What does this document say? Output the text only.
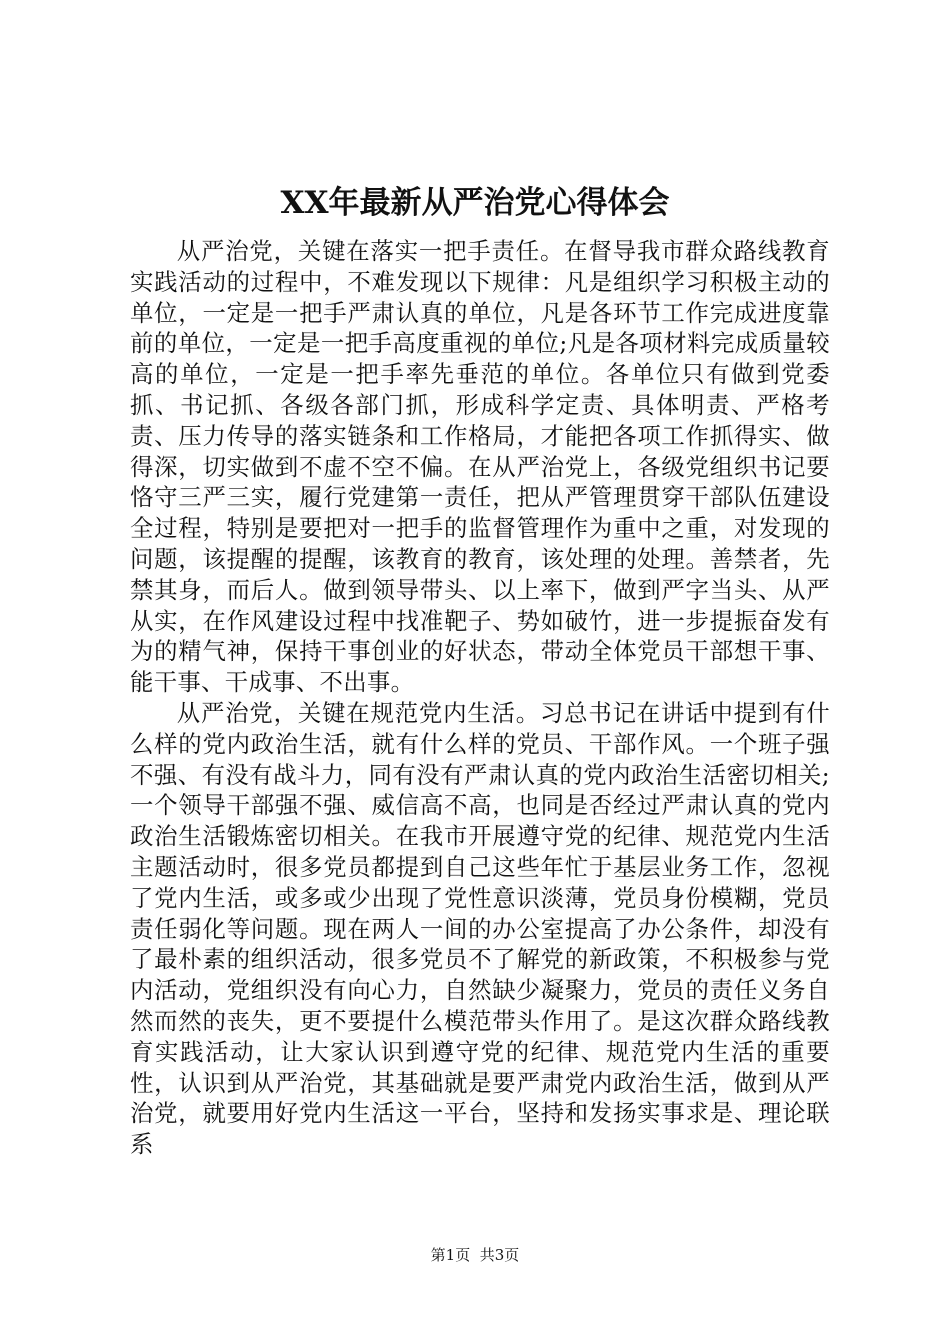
XX年最新从严治党心得体会

从严治党，关键在落实一把手责任。在督导我市群众路线教育实践活动的过程中，不难发现以下规律：凡是组织学习积极主动的单位，一定是一把手严肃认真的单位，凡是各环节工作完成进度靠前的单位，一定是一把手高度重视的单位;凡是各项材料完成质量较高的单位，一定是一把手率先垂范的单位。各单位只有做到党委抓、书记抓、各级各部门抓，形成科学定责、具体明责、严格考责、压力传导的落实链条和工作格局，才能把各项工作抓得实、做得深，切实做到不虚不空不偏。在从严治党上，各级党组织书记要恪守三严三实，履行党建第一责任，把从严管理贯穿干部队伍建设全过程，特别是要把对一把手的监督管理作为重中之重，对发现的问题，该提醒的提醒，该教育的教育，该处理的处理。善禁者，先禁其身，而后人。做到领导带头、以上率下，做到严字当头、从严从实，在作风建设过程中找准靶子、势如破竹，进一步提振奋发有为的精气神，保持干事创业的好状态，带动全体党员干部想干事、能干事、干成事、不出事。

从严治党，关键在规范党内生活。习总书记在讲话中提到有什么样的党内政治生活，就有什么样的党员、干部作风。一个班子强不强、有没有战斗力，同有没有严肃认真的党内政治生活密切相关;一个领导干部强不强、威信高不高，也同是否经过严肃认真的党内政治生活锻炼密切相关。在我市开展遵守党的纪律、规范党内生活主题活动时，很多党员都提到自己这些年忙于基层业务工作，忽视了党内生活，或多或少出现了党性意识淡薄，党员身份模糊，党员责任弱化等问题。现在两人一间的办公室提高了办公条件，却没有了最朴素的组织活动，很多党员不了解党的新政策，不积极参与党内活动，党组织没有向心力，自然缺少凝聚力，党员的责任义务自然而然的丧失，更不要提什么模范带头作用了。是这次群众路线教育实践活动，让大家认识到遵守党的纪律、规范党内生活的重要性，认识到从严治党，其基础就是要严肃党内政治生活，做到从严治党，就要用好党内生活这一平台，坚持和发扬实事求是、理论联系

第1页 共3页
